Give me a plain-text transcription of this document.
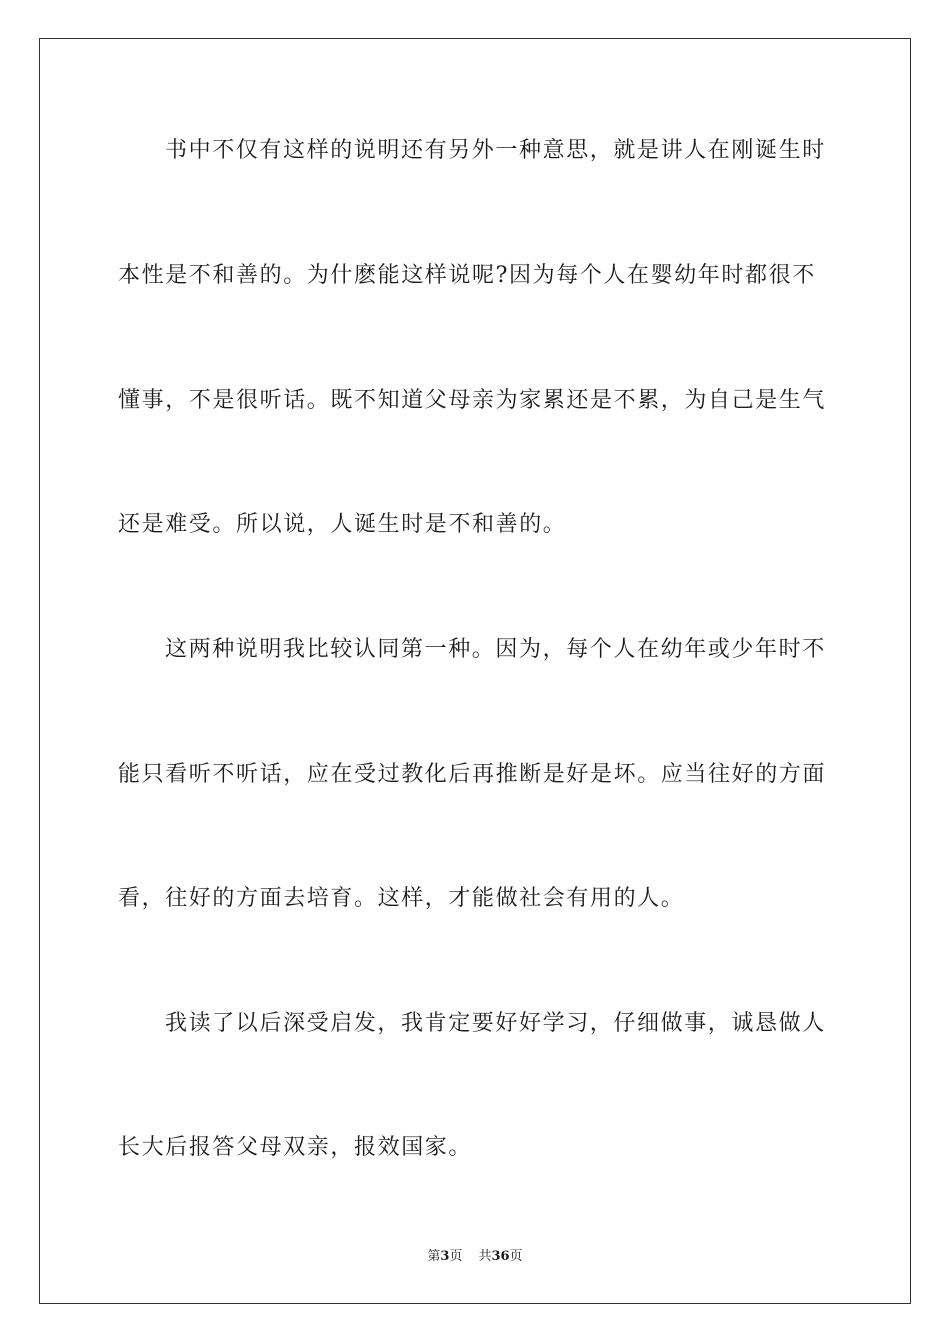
书中不仅有这样的说明还有另外一种意思，就是讲人在刚诞生时
本性是不和善的。为什麽能这样说呢?因为每个人在婴幼年时都很不
懂事，不是很听话。既不知道父母亲为家累还是不累，为自己是生气
还是难受。所以说，人诞生时是不和善的。
这两种说明我比较认同第一种。因为，每个人在幼年或少年时不
能只看听不听话，应在受过教化后再推断是好是坏。应当往好的方面
看，往好的方面去培育。这样，才能做社会有用的人。
我读了以后深受启发，我肯定要好好学习，仔细做事，诚恳做人
长大后报答父母双亲，报效国家。
第3页 共36页
